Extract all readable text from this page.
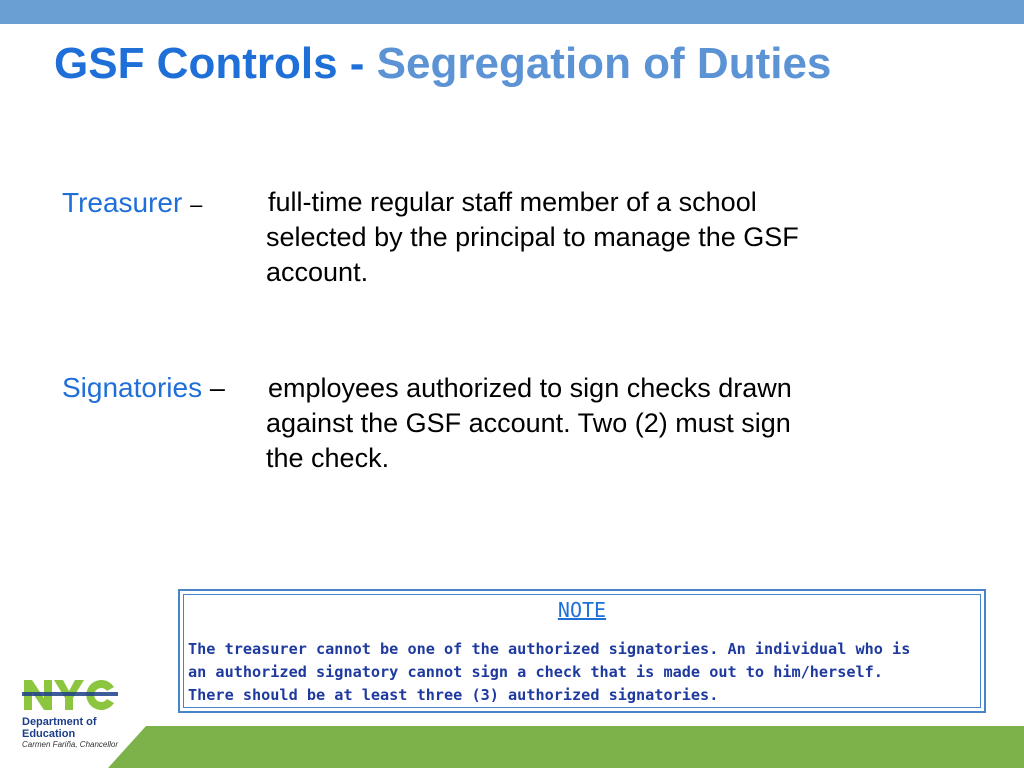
GSF Controls - Segregation of Duties
Treasurer – full-time regular staff member of a school
selected by the principal to manage the GSF
account.
Signatories – employees authorized to sign checks drawn
against the GSF account. Two (2) must sign
the check.
NOTE
The treasurer cannot be one of the authorized signatories. An individual who is
an authorized signatory cannot sign a check that is made out to him/herself.
There should be at least three (3) authorized signatories.
Department of
Education
Carmen Fariña, Chancellor
